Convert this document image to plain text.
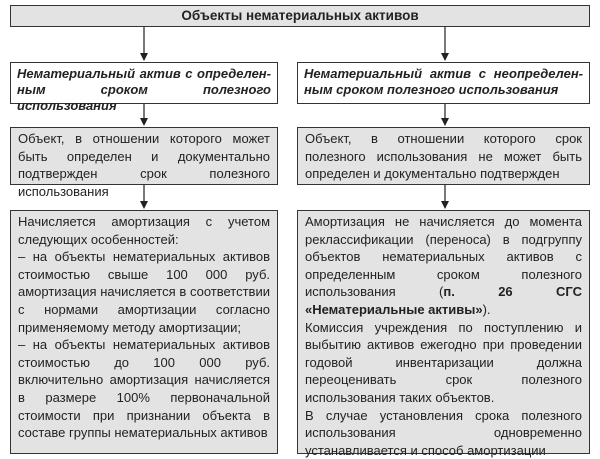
Объекты нематериальных активов
Нематериальный актив с определен-
ным сроком полезного использования

Объект, в отношении которого может быть определен и документально подтвержден срок полезного использования

Начисляется амортизация с учетом следующих особенностей:

– на объекты нематериальных активов стоимостью свыше 100 000 руб. амортизация начисляется в соответствии с нормами амортизации согласно применяемому методу амортизации;

– на объекты нематериальных активов стоимостью до 100 000 руб. включительно амортизация начисляется в размере 100% первоначальной стоимости при признании объекта в составе группы нематериальных активов

Нематериальный актив с неопределен-
ным сроком полезного использования

Объект, в отношении которого срок полезного использования не может быть определен и документально подтвержден

Амортизация не начисляется до момента реклассификации (переноса) в подгруппу объектов нематериальных активов с определенным сроком полезного использования (п. 26 СГС «Нематериальные активы»).

Комиссия учреждения по поступлению и выбытию активов ежегодно при проведении годовой инвентаризации должна переоценивать срок полезного использования таких объектов.

В случае установления срока полезного использования одновременно устанавливается и способ амортизации
